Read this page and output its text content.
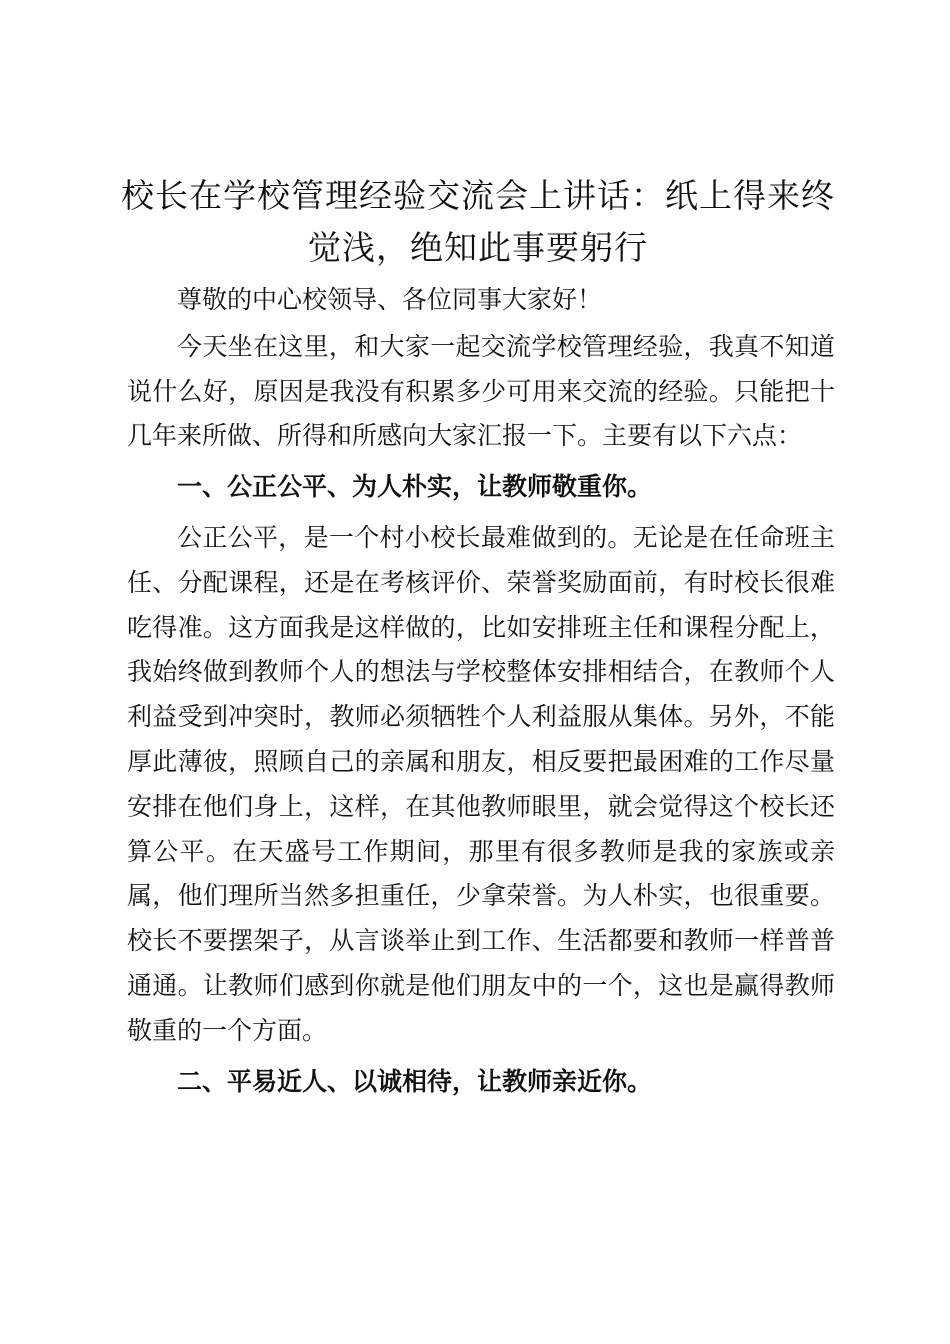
校长在学校管理经验交流会上讲话：纸上得来终觉浅，绝知此事要躬行

尊敬的中心校领导、各位同事大家好！

今天坐在这里，和大家一起交流学校管理经验，我真不知道说什么好，原因是我没有积累多少可用来交流的经验。只能把十几年来所做、所得和所感向大家汇报一下。主要有以下六点：

一、公正公平、为人朴实，让教师敬重你。

公正公平，是一个村小校长最难做到的。无论是在任命班主任、分配课程，还是在考核评价、荣誉奖励面前，有时校长很难吃得准。这方面我是这样做的，比如安排班主任和课程分配上，我始终做到教师个人的想法与学校整体安排相结合，在教师个人利益受到冲突时，教师必须牺牲个人利益服从集体。另外，不能厚此薄彼，照顾自己的亲属和朋友，相反要把最困难的工作尽量安排在他们身上，这样，在其他教师眼里，就会觉得这个校长还算公平。在天盛号工作期间，那里有很多教师是我的家族或亲属，他们理所当然多担重任，少拿荣誉。为人朴实，也很重要。校长不要摆架子，从言谈举止到工作、生活都要和教师一样普普通通。让教师们感到你就是他们朋友中的一个，这也是赢得教师敬重的一个方面。

二、平易近人、以诚相待，让教师亲近你。
